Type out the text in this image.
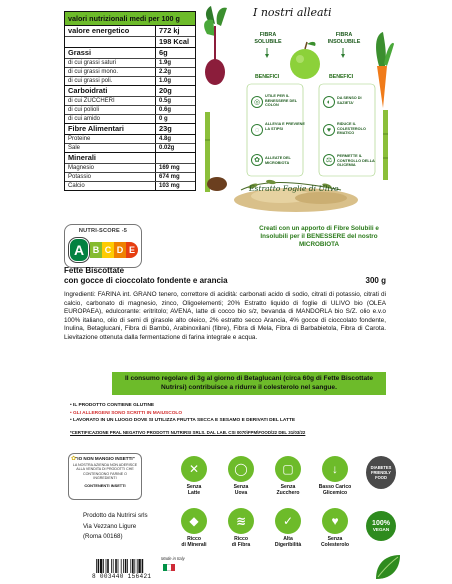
valori nutrizionali medi per 100 g
valore energetico	772 kj
198 Kcal
Grassi	6g
di cui grassi saturi	1.9g
di cui grassi mono.	2.2g
di cui grassi poli.	1.0g
Carboidrati	20g
di cui ZUCCHERI	0.5g
di cui polioli	0.6g
di cui amido	0 g
Fibre Alimentari	23g
Proteine	4.8g
Sale	0.02g
Minerali
Magnesio	169 mg
Potassio	674 mg
Calcio	103 mg
NUTRI-SCORE -5
A B C D E
I nostri alleati
FIBRA
SOLUBILE
FIBRA
INSOLUBILE
BENEFICI	BENEFICI
◎
UTILE PER IL BENESSERE DEL COLON	◐
DA SENSO DI SAZIETA'
◌
ALLEVIA E PREVIENE LA STIPSI	♥
RIDUCE IL COLESTEROLO EMATICO
✿	ALLEATE DEL MICROBIOTA	⚖
PERMETTE IL CONTROLLO DELLA GLICEMIA
Estratto Foglie di Ulivo
Creati con un apporto di Fibre Solubili e Insolubili per il BENESSERE del nostro MICROBIOTA
Fette Biscottate
con gocce di cioccolato fondente e arancia	300 g
Ingredienti: FARINA int. GRANO tenero, correttore di acidità: carbonati acido di sodio, citrati di potassio, citrati di calcio, carbonato di magnesio, zinco, Oligoelementi; 20% Estratto liquido di foglie di ULIVO bio (OLEA EUROPAEA), edulcorante: eritritolo; AVENA, latte di cocco bio s/z, bevanda di MANDORLA bio S/Z. olio e.v.o 100% italiano, olio di semi di girasole alto oleico, 2% estratto secco Arancia, 4% gocce di cioccolato fondente, Inulina, Betaglucani, Fibra di Bambù, Arabinoxilani (fibre), Fibra di Mela, Fibra di Barbabietola, Fibra di Carota. Lievitazione ottenuta dalla fermentazione di farina integrale e acqua.
Il consumo regolare di 3g al giorno di Betaglucani (circa 60g di Fette Biscottate Nutrirsi) contribuisce a ridurre il colesterolo nel sangue.
• IL PRODOTTO CONTIENE GLUTINE
• GLI ALLERGENI SONO SCRITTI IN MAIUSCOLO
• LAVORATO IN UN LUOGO DOVE SI UTILIZZA FRUTTA SECCA E SESAMO E DERIVATI DEL LATTE
*CERTIFICAZIONE PRAL NEGATIVO PRODOTTI NUTRIRSI SRLS. DAL LAB. CSI 0070\FPM\FOOD\22 DEL 31/03/22
✿ "IO NON MANGIO INSETTI"
LA NOSTRA AZIENDA NON ADERISCE ALLA VENDITA DI PRODOTTI CHE CONTENGONO FARINE O INGREDIENTI
CONTENENTI INSETTI
Prodotto da Nutrirsi srls
Via Vezzano Ligure
(Roma 00168)
8 003440 156421
Made in Italy
✕
Senza
Latte
◯
Senza
Uova
▢
Senza
Zucchero
↓
Basso Carico
Glicemico
◆
Ricco
di Minerali
≋
Ricco
di Fibra
✓
Alta
Digeribilità
♥
Senza
Colesterolo
DIABETES
FRIENDLY
FOOD
100%
VEGAN
